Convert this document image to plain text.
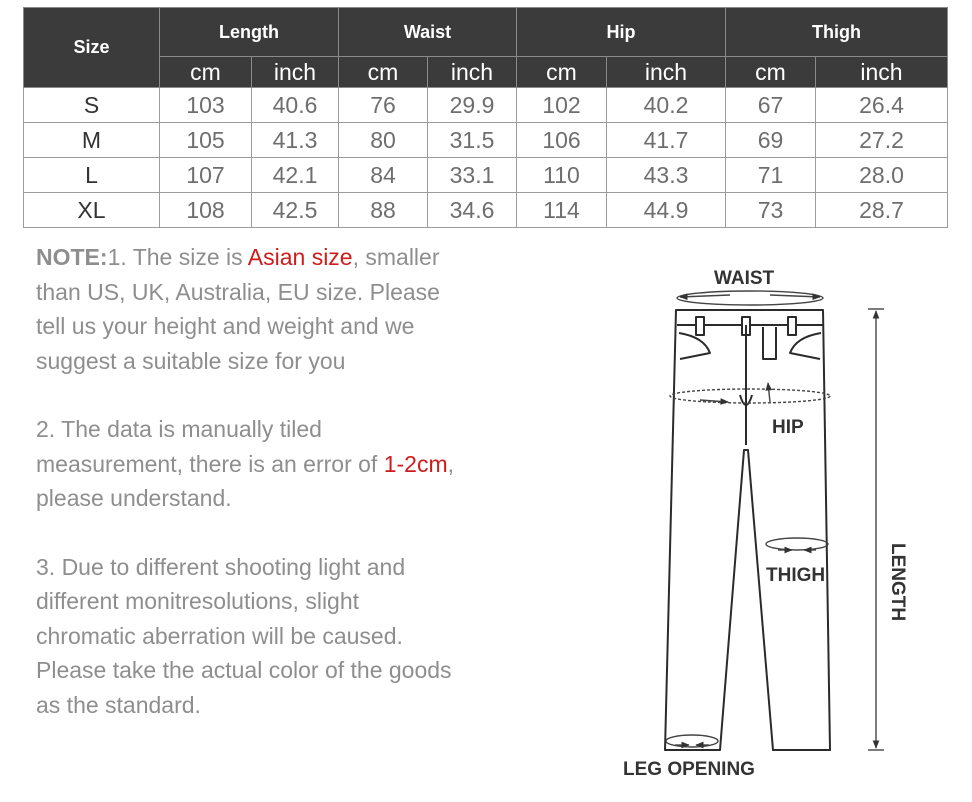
Size	Length		Waist		Hip		Thigh	
	cm	inch	cm	inch	cm	inch	cm	inch
S	103	40.6	76	29.9	102	40.2	67	26.4
M	105	41.3	80	31.5	106	41.7	69	27.2
L	107	42.1	84	33.1	110	43.3	71	28.0
XL	108	42.5	88	34.6	114	44.9	73	28.7

NOTE:1. The size is Asian size, smaller than US, UK, Australia, EU size. Please tell us your height and weight and we suggest a suitable size for you

2. The data is manually tiled measurement, there is an error of 1-2cm, please understand.

3. Due to different shooting light and different monitresolutions, slight chromatic aberration will be caused. Please take the actual color of the goods as the standard.

WAIST
HIP
THIGH	LENGTH
LEG OPENING
